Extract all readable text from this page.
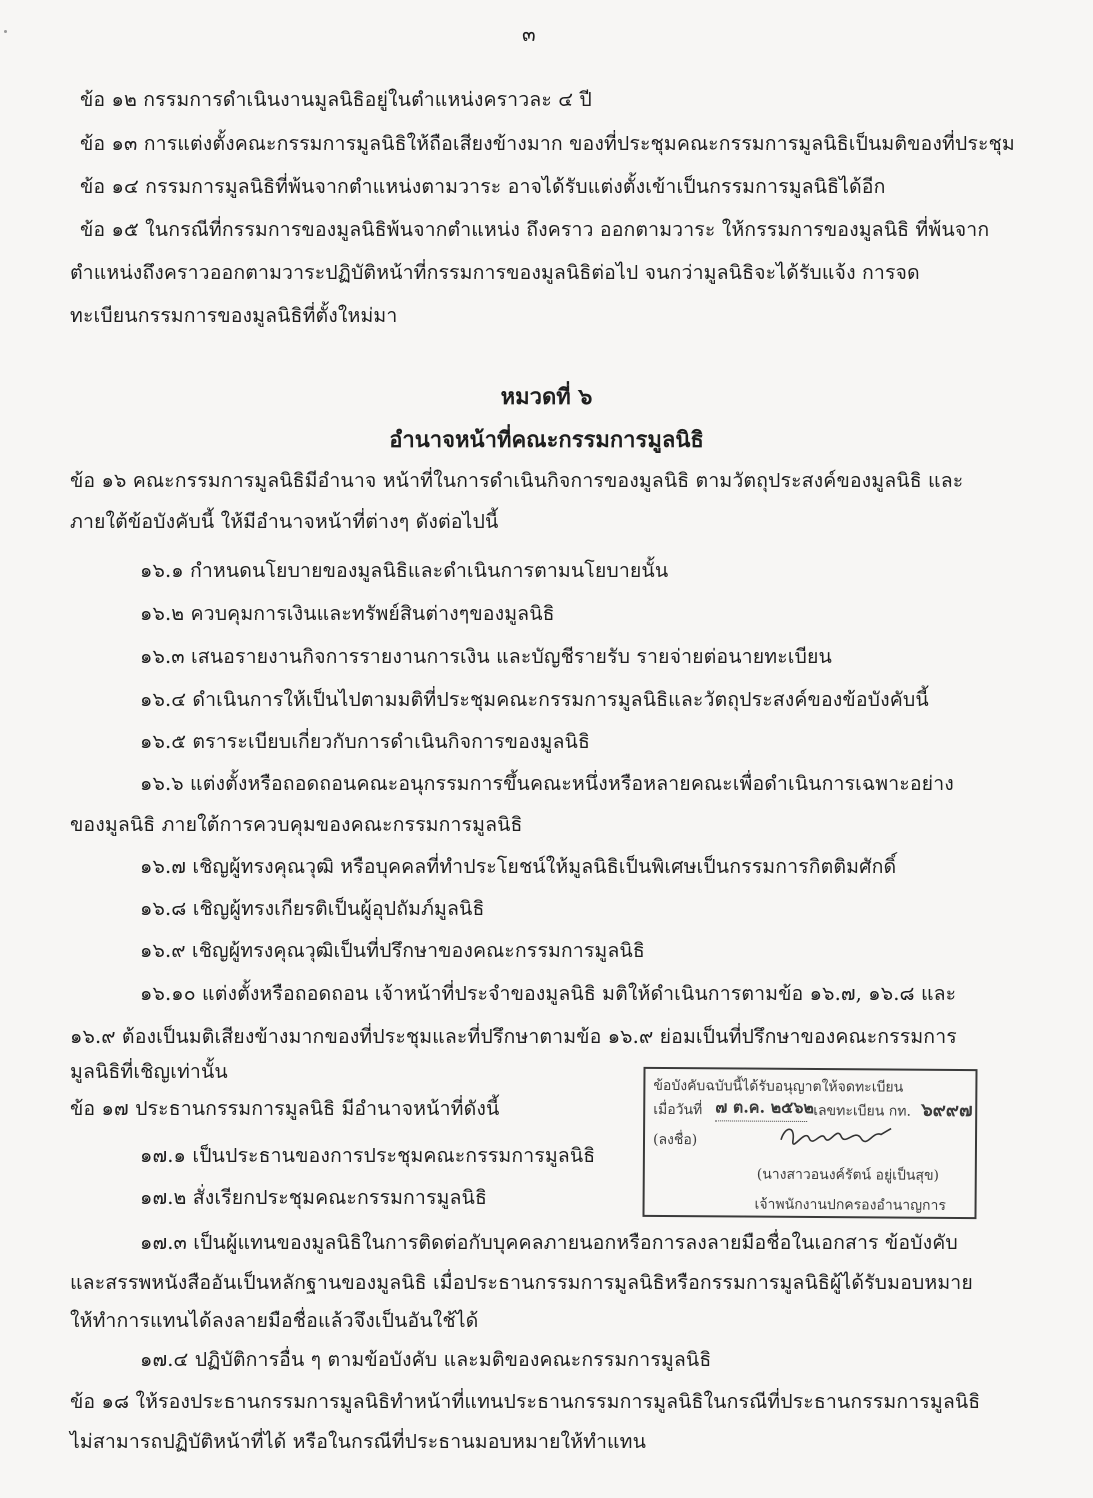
๓
ข้อ ๑๒ กรรมการดำเนินงานมูลนิธิอยู่ในตำแหน่งคราวละ ๔ ปี
ข้อ ๑๓ การแต่งตั้งคณะกรรมการมูลนิธิให้ถือเสียงข้างมาก ของที่ประชุมคณะกรรมการมูลนิธิเป็นมติของที่ประชุม
ข้อ ๑๔ กรรมการมูลนิธิที่พ้นจากตำแหน่งตามวาระ อาจได้รับแต่งตั้งเข้าเป็นกรรมการมูลนิธิได้อีก
ข้อ ๑๕ ในกรณีที่กรรมการของมูลนิธิพ้นจากตำแหน่ง ถึงคราว ออกตามวาระ ให้กรรมการของมูลนิธิ ที่พ้นจาก
ตำแหน่งถึงคราวออกตามวาระปฏิบัติหน้าที่กรรมการของมูลนิธิต่อไป จนกว่ามูลนิธิจะได้รับแจ้ง การจด
ทะเบียนกรรมการของมูลนิธิที่ตั้งใหม่มา
หมวดที่ ๖
อำนาจหน้าที่คณะกรรมการมูลนิธิ
ข้อ ๑๖ คณะกรรมการมูลนิธิมีอำนาจ หน้าที่ในการดำเนินกิจการของมูลนิธิ ตามวัตถุประสงค์ของมูลนิธิ และ
ภายใต้ข้อบังคับนี้ ให้มีอำนาจหน้าที่ต่างๆ ดังต่อไปนี้
๑๖.๑ กำหนดนโยบายของมูลนิธิและดำเนินการตามนโยบายนั้น
๑๖.๒ ควบคุมการเงินและทรัพย์สินต่างๆของมูลนิธิ
๑๖.๓ เสนอรายงานกิจการรายงานการเงิน และบัญชีรายรับ รายจ่ายต่อนายทะเบียน
๑๖.๔ ดำเนินการให้เป็นไปตามมติที่ประชุมคณะกรรมการมูลนิธิและวัตถุประสงค์ของข้อบังคับนี้
๑๖.๕ ตราระเบียบเกี่ยวกับการดำเนินกิจการของมูลนิธิ
๑๖.๖ แต่งตั้งหรือถอดถอนคณะอนุกรรมการขึ้นคณะหนึ่งหรือหลายคณะเพื่อดำเนินการเฉพาะอย่าง
ของมูลนิธิ ภายใต้การควบคุมของคณะกรรมการมูลนิธิ
๑๖.๗ เชิญผู้ทรงคุณวุฒิ หรือบุคคลที่ทำประโยชน์ให้มูลนิธิเป็นพิเศษเป็นกรรมการกิตติมศักดิ์
๑๖.๘ เชิญผู้ทรงเกียรติเป็นผู้อุปถัมภ์มูลนิธิ
๑๖.๙ เชิญผู้ทรงคุณวุฒิเป็นที่ปรึกษาของคณะกรรมการมูลนิธิ
๑๖.๑๐ แต่งตั้งหรือถอดถอน เจ้าหน้าที่ประจำของมูลนิธิ มติให้ดำเนินการตามข้อ ๑๖.๗, ๑๖.๘ และ
๑๖.๙ ต้องเป็นมติเสียงข้างมากของที่ประชุมและที่ปรึกษาตามข้อ ๑๖.๙ ย่อมเป็นที่ปรึกษาของคณะกรรมการ
มูลนิธิที่เชิญเท่านั้น
ข้อ ๑๗ ประธานกรรมการมูลนิธิ มีอำนาจหน้าที่ดังนี้
๑๗.๑ เป็นประธานของการประชุมคณะกรรมการมูลนิธิ
๑๗.๒ สั่งเรียกประชุมคณะกรรมการมูลนิธิ
๑๗.๓ เป็นผู้แทนของมูลนิธิในการติดต่อกับบุคคลภายนอกหรือการลงลายมือชื่อในเอกสาร ข้อบังคับ
และสรรพหนังสืออันเป็นหลักฐานของมูลนิธิ เมื่อประธานกรรมการมูลนิธิหรือกรรมการมูลนิธิผู้ได้รับมอบหมาย
ให้ทำการแทนได้ลงลายมือชื่อแล้วจึงเป็นอันใช้ได้
๑๗.๔ ปฏิบัติการอื่น ๆ ตามข้อบังคับ และมติของคณะกรรมการมูลนิธิ
ข้อ ๑๘ ให้รองประธานกรรมการมูลนิธิทำหน้าที่แทนประธานกรรมการมูลนิธิในกรณีที่ประธานกรรมการมูลนิธิ
ไม่สามารถปฏิบัติหน้าที่ได้ หรือในกรณีที่ประธานมอบหมายให้ทำแทน
ข้อบังคับฉบับนี้ได้รับอนุญาตให้จดทะเบียน
เมื่อวันที่ ๗ ต.ค. ๒๕๖๒ เลขทะเบียน กท. ๖๙๙๗
(ลงชื่อ)
(นางสาวอนงค์รัตน์ อยู่เป็นสุข)
เจ้าพนักงานปกครองอำนาญการ
